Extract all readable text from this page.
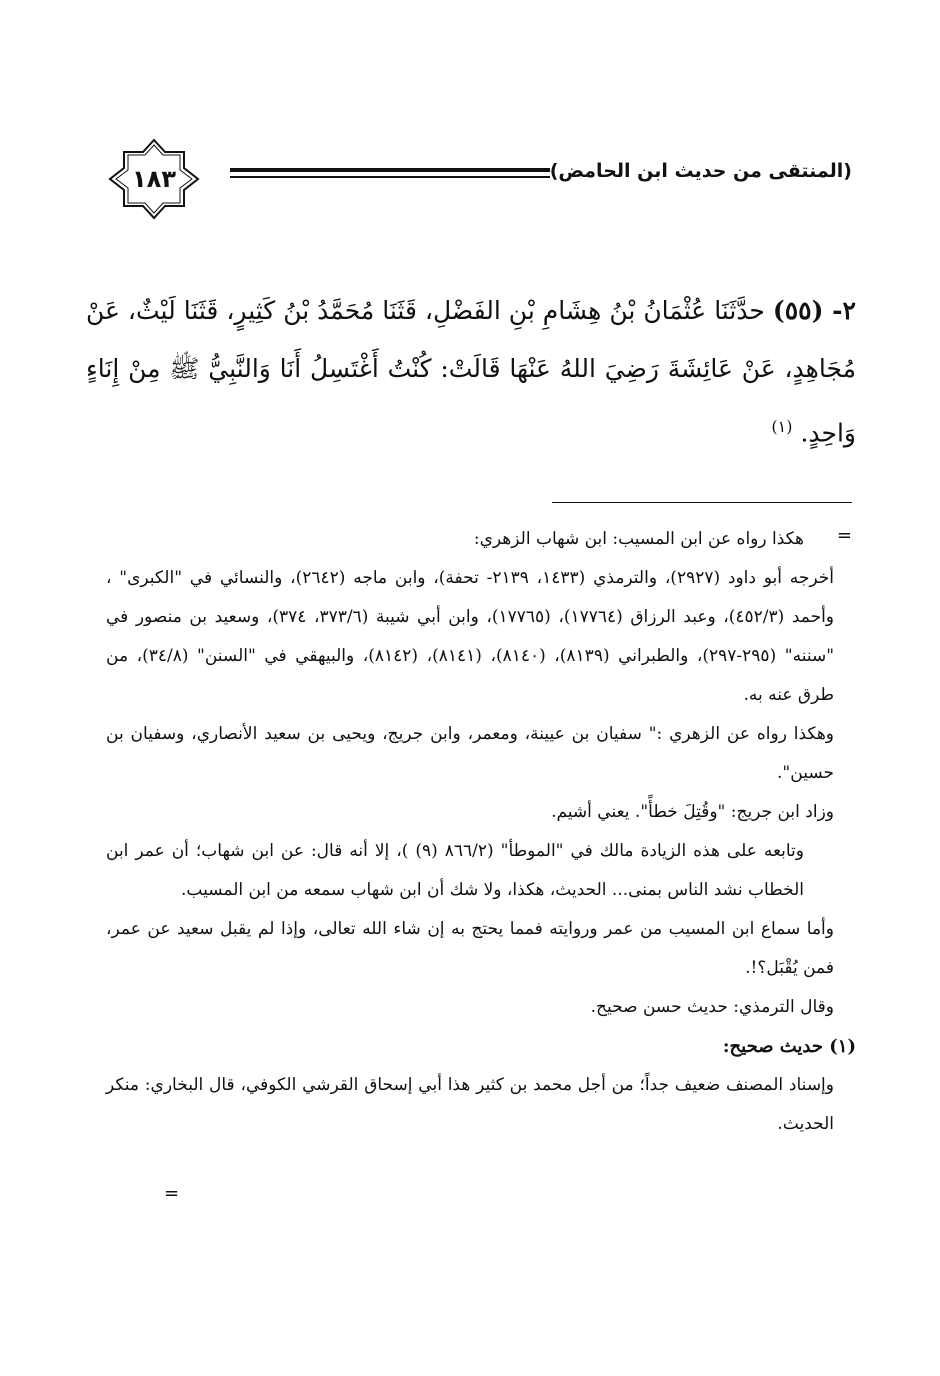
(المنتقى من حديث ابن الحامض)
١٨٣
٢- (٥٥) حدَّثَنَا عُثْمَانُ بْنُ هِشَامِ بْنِ الفَضْلِ، قَثَنَا مُحَمَّدُ بْنُ كَثِيرٍ، قَثَنَا لَيْثٌ، عَنْ مُجَاهِدٍ، عَنْ عَائِشَةَ رَضِيَ اللهُ عَنْهَا قَالَتْ: كُنْتُ أَغْتَسِلُ أَنَا وَالنَّبِيُّ ﷺ مِنْ إِنَاءٍ وَاحِدٍ. $^{(١)}$
=

هكذا رواه عن ابن المسيب: ابن شهاب الزهري:

أخرجه أبو داود (٢٩٢٧)، والترمذي (١٤٣٣، ٢١٣٩- تحفة)، وابن ماجه (٢٦٤٢)، والنسائي في "الكبرى" ، وأحمد (٤٥٢/٣)، وعبد الرزاق (١٧٧٦٤)، (١٧٧٦٥)، وابن أبي شيبة (٣٧٣/٦، ٣٧٤)، وسعيد بن منصور في "سننه" (٢٩٥-٢٩٧)، والطبراني (٨١٣٩)، (٨١٤٠)، (٨١٤١)، (٨١٤٢)، والبيهقي في "السنن" (٣٤/٨)، من طرق عنه به.

وهكذا رواه عن الزهري :" سفيان بن عيينة، ومعمر، وابن جريج، ويحيى بن سعيد الأنصاري، وسفيان بن حسين".

وزاد ابن جريج: "وقُتِلَ خطأً". يعني أشيم.

وتابعه على هذه الزيادة مالك في "الموطأ" (٨٦٦/٢ (٩) )، إلا أنه قال: عن ابن شهاب؛ أن عمر ابن الخطاب نشد الناس بمنى... الحديث، هكذا، ولا شك أن ابن شهاب سمعه من ابن المسيب.

وأما سماع ابن المسيب من عمر وروايته فمما يحتج به إن شاء الله تعالى، وإذا لم يقبل سعيد عن عمر، فمن يُقْبَل؟!.

وقال الترمذي: حديث حسن صحيح.

(١) حديث صحيح:

وإسناد المصنف ضعيف جداً؛ من أجل محمد بن كثير هذا أبي إسحاق القرشي الكوفي، قال البخاري: منكر الحديث.

=
